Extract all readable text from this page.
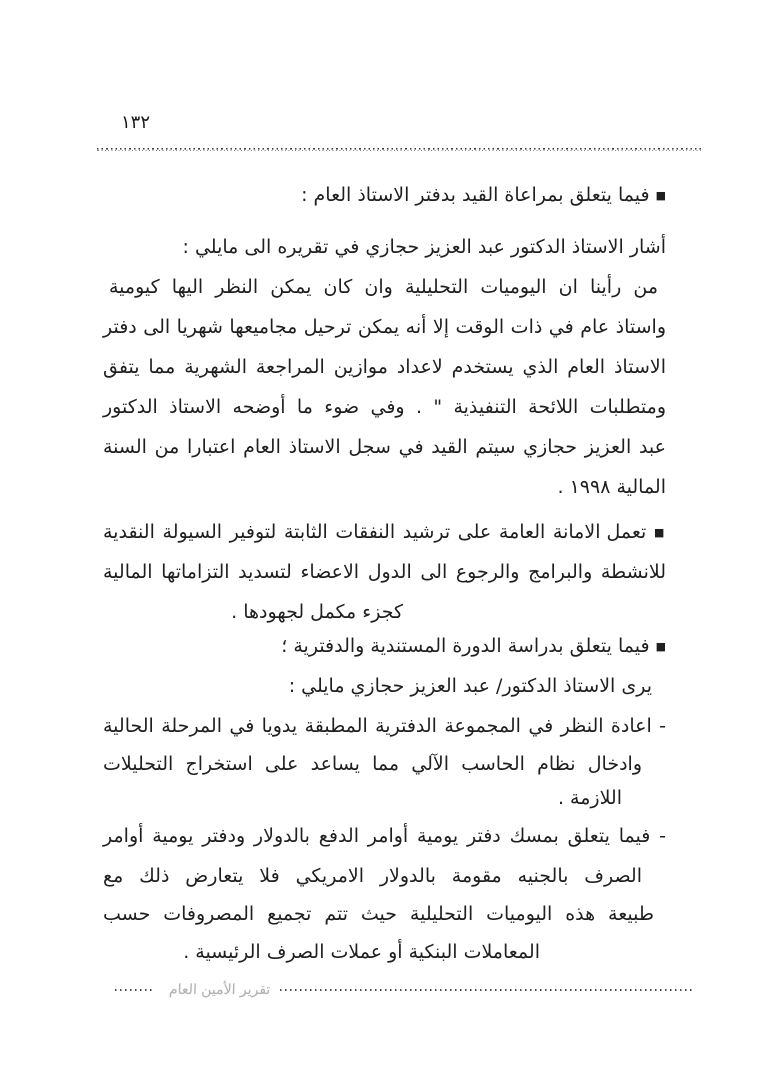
١٣٢
■ فيما يتعلق بمراعاة القيد بدفتر الاستاذ العام :
أشار الاستاذ الدكتور عبد العزيز حجازي في تقريره الى مايلي :
من رأينا ان اليوميات التحليلية وان كان يمكن النظر اليها كيومية
واستاذ عام في ذات الوقت إلا أنه يمكن ترحيل مجاميعها شهريا الى دفتر
الاستاذ العام الذي يستخدم لاعداد موازين المراجعة الشهرية مما يتفق
ومتطلبات اللائحة التنفيذية " . وفي ضوء ما أوضحه الاستاذ الدكتور
عبد العزيز حجازي سيتم القيد في سجل الاستاذ العام اعتبارا من السنة
المالية ١٩٩٨ .
■ تعمل الامانة العامة على ترشيد النفقات الثابتة لتوفير السيولة النقدية
للانشطة والبرامج والرجوع الى الدول الاعضاء لتسديد التزاماتها المالية
كجزء مكمل لجهودها .
■ فيما يتعلق بدراسة الدورة المستندية والدفترية ؛
يرى الاستاذ الدكتور/ عبد العزيز حجازي مايلي :
- اعادة النظر في المجموعة الدفترية المطبقة يدويا في المرحلة الحالية
وادخال نظام الحاسب الآلي مما يساعد على استخراج التحليلات
اللازمة .
- فيما يتعلق بمسك دفتر يومية أوامر الدفع بالدولار ودفتر يومية أوامر
الصرف بالجنيه مقومة بالدولار الامريكي فلا يتعارض ذلك مع
طبيعة هذه اليوميات التحليلية حيث تتم تجميع المصروفات حسب
المعاملات البنكية أو عملات الصرف الرئيسية .
تقرير الأمين العام
